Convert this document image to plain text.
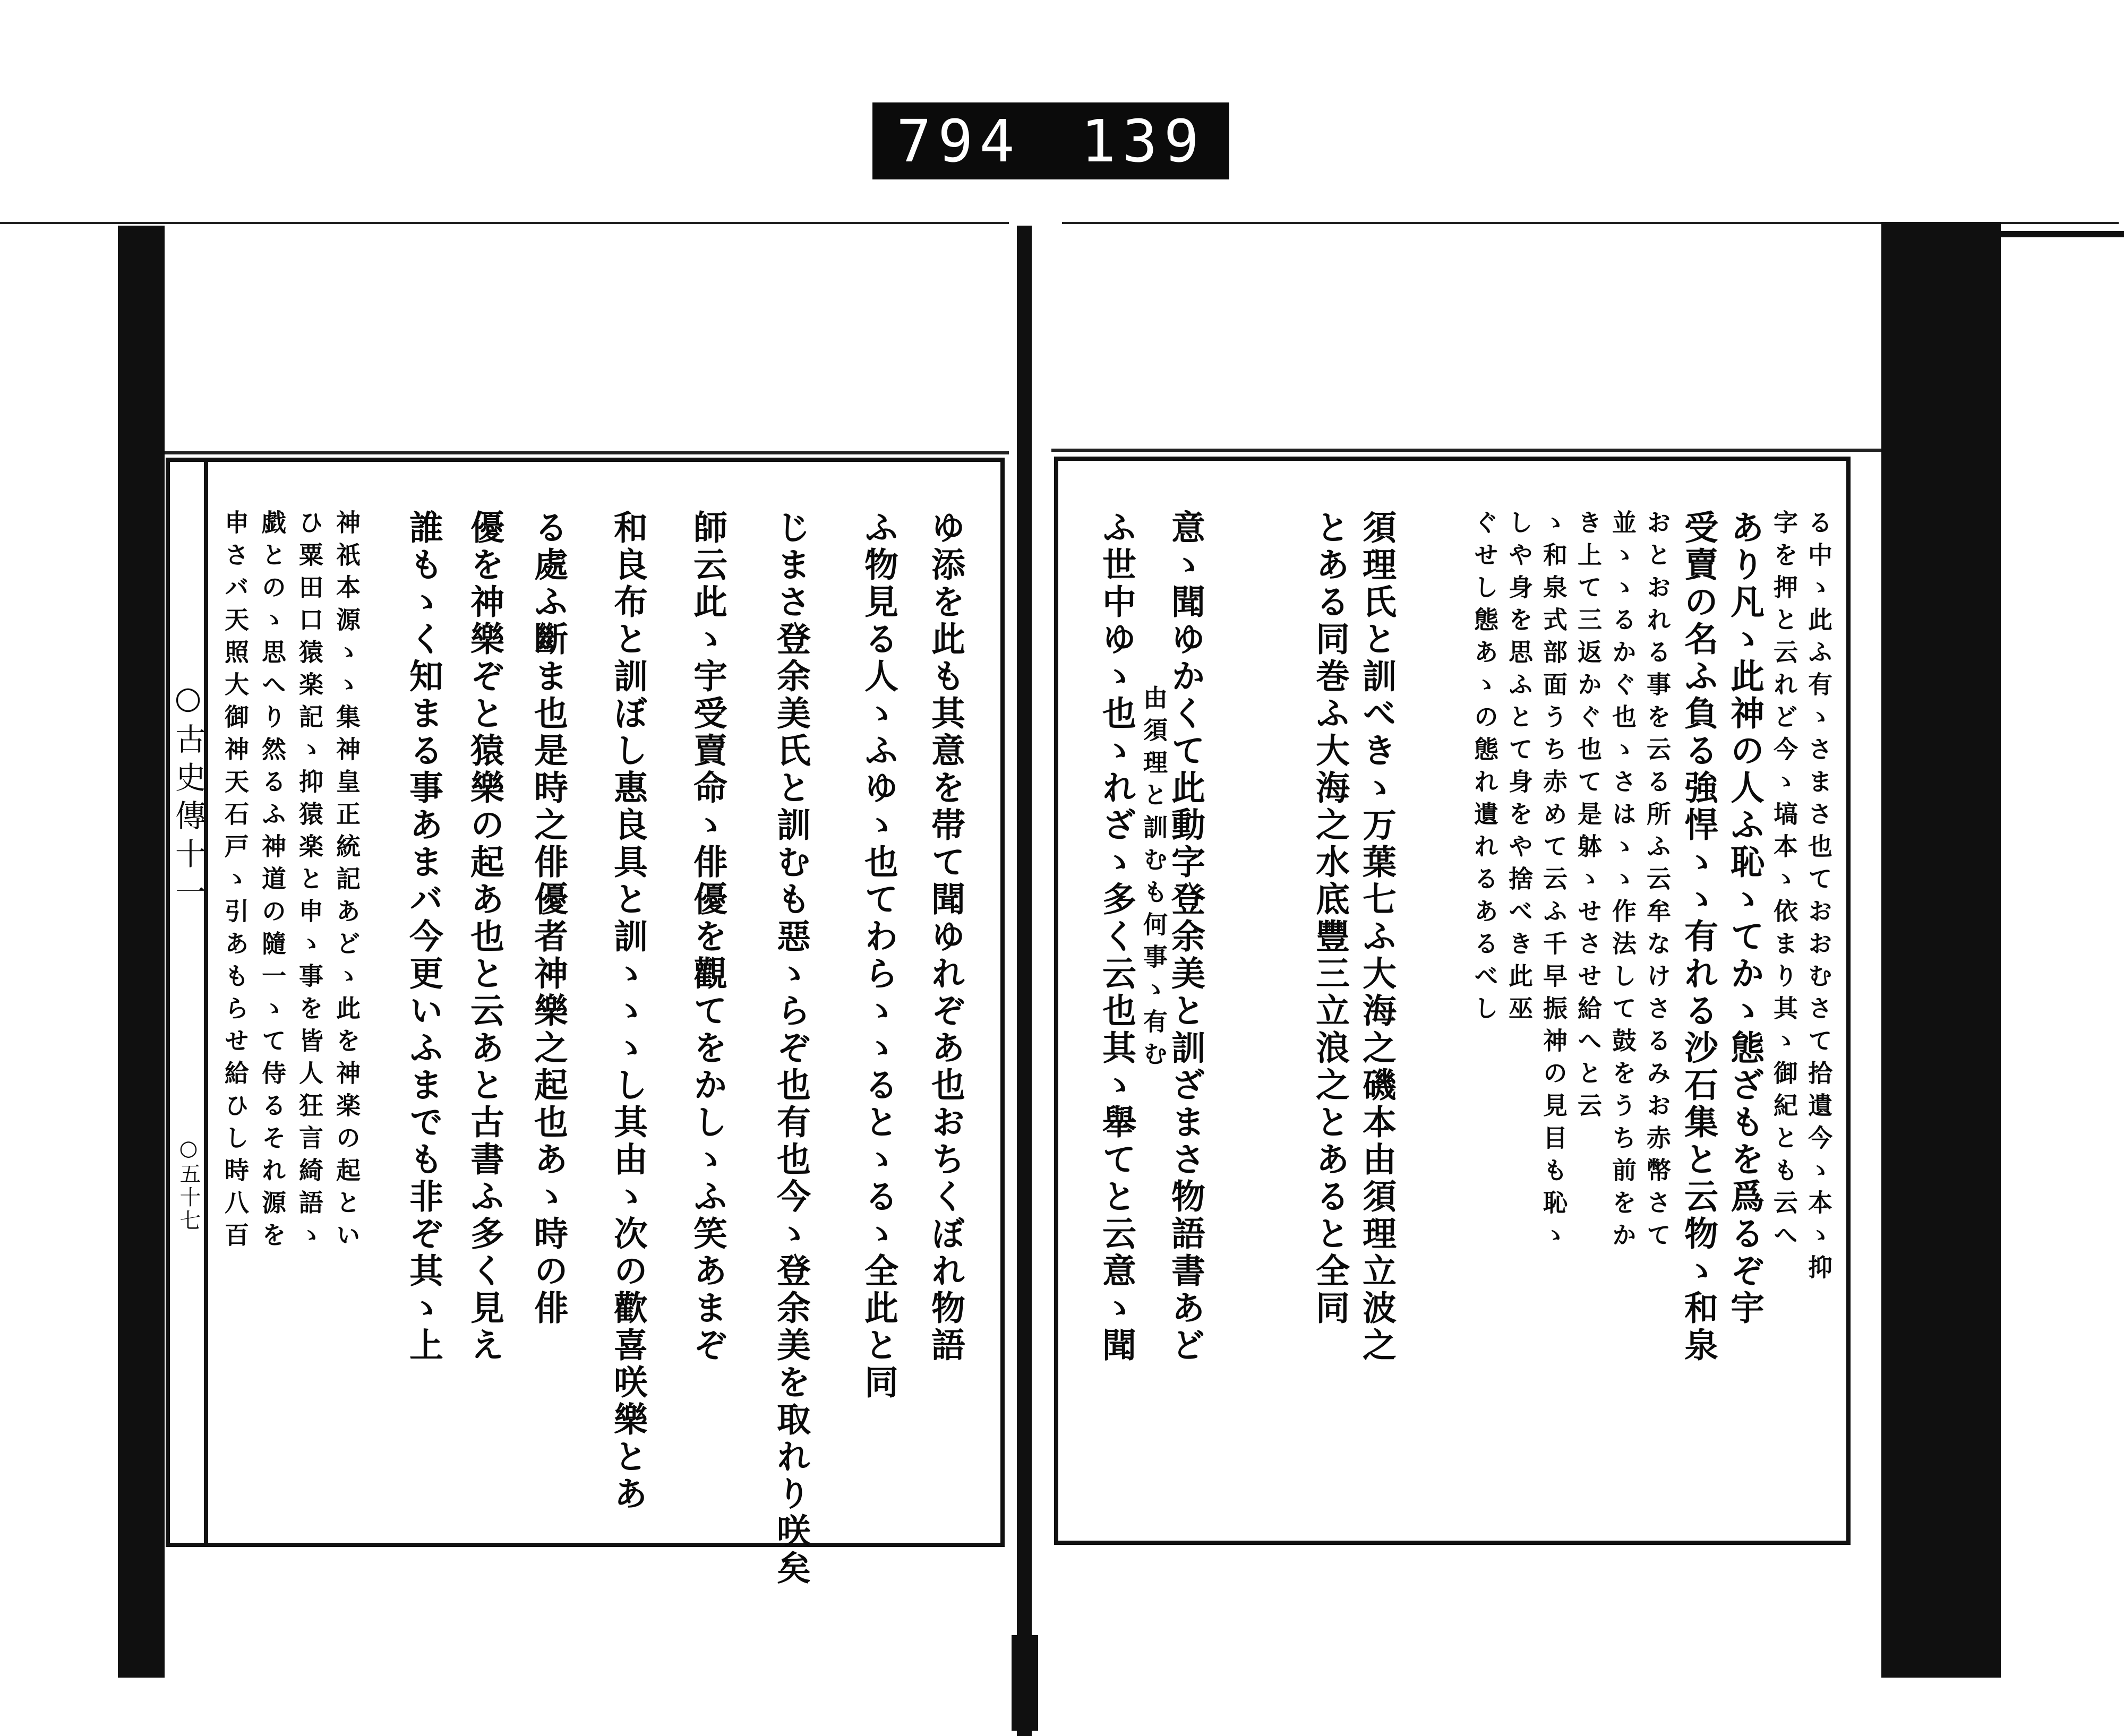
794 139
る中ゝ此ふ有ゝさまさ也ておおむさて拾遺今ゝ本ゝ抑
字を押と云れど今ゝ塙本ゝ依まり其ゝ御紀とも云へ
あり凡ゝ此神の人ふ恥ゝてかゝ態ざもを爲るぞ宇
受賣の名ふ負る強悍ゝゝ有れる沙石集と云物ゝ和泉
おとおれる事を云る所ふ云牟なけさるみお赤幣さて
並ゝゝるかぐ也ゝさはゝゝ作法して鼓をうち前をか
き上て三返かぐ也て是躰ゝせさせ給へと云
ゝ和泉式部面うち赤めて云ふ千早振神の見目も恥ゝ
しや身を思ふとて身をや捨べき此巫
ぐせし態あゝの態れ遺れるあるべし
須理氏と訓べきゝ万葉七ふ大海之磯本由須理立波之
とある同巻ふ大海之水底豐三立浪之とあると全同
意ゝ聞ゆかくて此動字登余美と訓ざまさ物語書あど
由須理と訓むも何事ゝ有む
ふ世中ゆゝ也ゝれざゝ多く云也其ゝ舉てと云意ゝ聞
ゆ添を此も其意を帯て聞ゆれぞあ也おちくぼれ物語
ふ物見る人ゝふゆゝ也てわらゝゝるとゝるゝ全此と同
じまさ登余美氏と訓むも惡ゝらぞ也有也今ゝ登余美を取れり咲矣
師云此ゝ宇受賣命ゝ俳優を觀てをかしゝふ笑あまぞ
和良布と訓ぼし惠良具と訓ゝゝゝし其由ゝ次の歡喜咲樂とあ
る處ふ斷ま也是時之俳優者神樂之起也あゝ時の俳
優を神樂ぞと猿樂の起あ也と云あと古書ふ多く見え
誰もゝく知まる事あまバ今更いふまでも非ぞ其ゝ上
神祇本源ゝゝ集神皇正統記あどゝ此を神楽の起とい
ひ粟田口猿楽記ゝ抑猿楽と申ゝ事を皆人狂言綺語ゝ
戯とのゝ思へり然るふ神道の隨一ゝて侍るそれ源を
申さバ天照大御神天石戸ゝ引あもらせ給ひし時八百
○古史傳十一
○五十七
